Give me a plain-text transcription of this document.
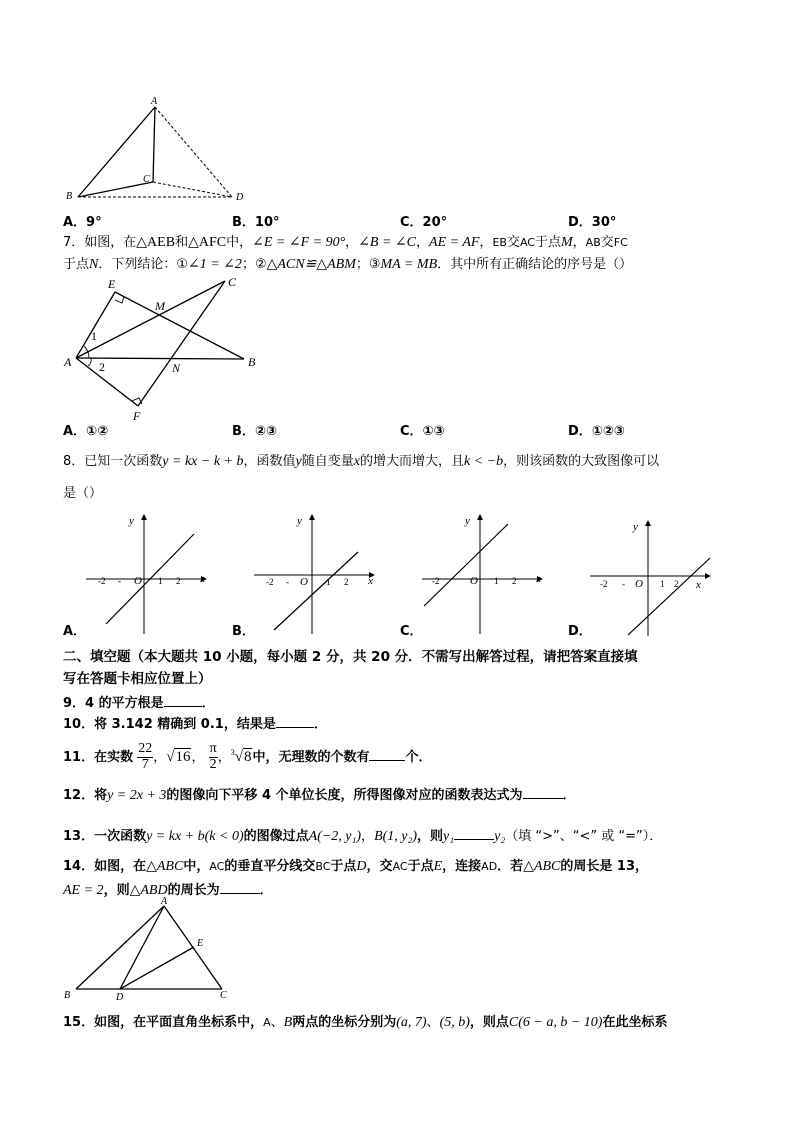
A
B
C
D
A．9°	B．10°	C．20°	D．30°
7．如图，在△AEB和△AFC中，∠E = ∠F = 90°，∠B = ∠C，AE = AF，EB交AC于点M，AB交FC
于点N．下列结论：①∠1 = ∠2；②△ACN≌△ABM；③MA = MB．其中所有正确结论的序号是（）
E
M
C
A	B
N
F
1
2
A．①②	B．②③	C．①③	D．①②③
8．已知一次函数y = kx − k + b，函数值y随自变量x的增大而增大，且k < −b，则该函数的大致图像可以
是（）
y
x
O
-2 -	1 2
y
x
O
-2 -	1 2
y
x
O
-2	1 2
y
x
O
-2 -	1 2
A．	B．	C．	D．
二、填空题（本大题共 10 小题，每小题 2 分，共 20 分．不需写出解答过程，请把答案直接填
写在答题卡相应位置上）
9．4 的平方根是	．
10．将 3.142 精确到 0.1，结果是	．
11．在实数 $\frac{22}{7}$ ，√16， $\frac{\pi}{2}$ ，$^3$√8中，无理数的个数有	个．
12．将y = 2x + 3的图像向下平移 4 个单位长度，所得图像对应的函数表达式为	．
13．一次函数y = kx + b(k < 0)的图像过点A(−2, y₁)，B(1, y₂)，则y₁	y₂（填 “>”、“<” 或 “=”）．
14．如图，在△ABC中，AC的垂直平分线交BC于点D，交AC于点E，连接AD．若△ABC的周长是 13，
AE = 2，则△ABD的周长为	．
A
E
B	D	C
15．如图，在平面直角坐标系中，A、B两点的坐标分别为(a, 7)、(5, b)，则点C(6 − a, b − 10)在此坐标系
